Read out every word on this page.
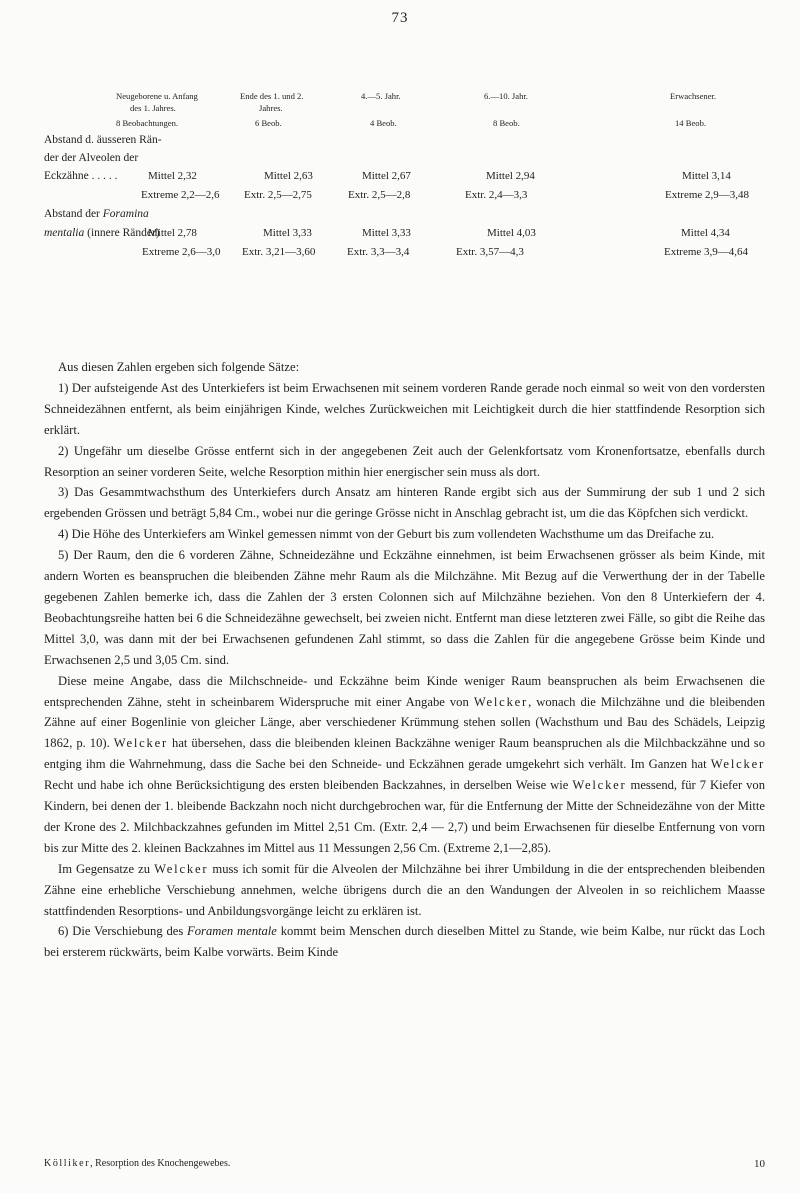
73
Neugeborene u. Anfang	Ende des 1. und 2.	4.—5. Jahr.	6.—10. Jahr.	Erwachsener.
des 1. Jahres.	Jahres.
8 Beobachtungen.	6 Beob.	4 Beob.	8 Beob.	14 Beob.
Abstand d. äusseren Rän-
der der Alveolen der
Eckzähne . . . . .	Mittel 2,32	Mittel 2,63	Mittel 2,67	Mittel 2,94	Mittel 3,14
Extreme 2,2—2,6 Extr. 2,5—2,75	Extr. 2,5—2,8	Extr. 2,4—3,3	Extreme 2,9—3,48
Abstand der Foramina
mentalia (innere Ränder)
Mittel 2,78	Mittel 3,33	Mittel 3,33	Mittel 4,03	Mittel 4,34
Extreme 2,6—3,0 Extr. 3,21—3,60	Extr. 3,3—3,4	Extr. 3,57—4,3	Extreme 3,9—4,64

Aus diesen Zahlen ergeben sich folgende Sätze:

1) Der aufsteigende Ast des Unterkiefers ist beim Erwachsenen mit seinem vorderen Rande gerade noch einmal so weit von den vordersten Schneidezähnen entfernt, als beim einjährigen Kinde, welches Zurückweichen mit Leichtigkeit durch die hier stattfindende Resorption sich erklärt.

2) Ungefähr um dieselbe Grösse entfernt sich in der angegebenen Zeit auch der Gelenkfortsatz vom Kronenfortsatze, ebenfalls durch Resorption an seiner vorderen Seite, welche Resorption mithin hier energischer sein muss als dort.

3) Das Gesammtwachsthum des Unterkiefers durch Ansatz am hinteren Rande ergibt sich aus der Summirung der sub 1 und 2 sich ergebenden Grössen und beträgt 5,84 Cm., wobei nur die geringe Grösse nicht in Anschlag gebracht ist, um die das Köpfchen sich verdickt.

4) Die Höhe des Unterkiefers am Winkel gemessen nimmt von der Geburt bis zum vollendeten Wachsthume um das Dreifache zu.

5) Der Raum, den die 6 vorderen Zähne, Schneidezähne und Eckzähne einnehmen, ist beim Erwachsenen grösser als beim Kinde, mit andern Worten es beanspruchen die bleibenden Zähne mehr Raum als die Milchzähne. Mit Bezug auf die Verwerthung der in der Tabelle gegebenen Zahlen bemerke ich, dass die Zahlen der 3 ersten Colonnen sich auf Milchzähne beziehen. Von den 8 Unterkiefern der 4. Beobachtungsreihe hatten bei 6 die Schneidezähne gewechselt, bei zweien nicht. Entfernt man diese letzteren zwei Fälle, so gibt die Reihe das Mittel 3,0, was dann mit der bei Erwachsenen gefundenen Zahl stimmt, so dass die Zahlen für die angegebene Grösse beim Kinde und Erwachsenen 2,5 und 3,05 Cm. sind.

Diese meine Angabe, dass die Milchschneide- und Eckzähne beim Kinde weniger Raum beanspruchen als beim Erwachsenen die entsprechenden Zähne, steht in scheinbarem Widerspruche mit einer Angabe von Welcker, wonach die Milchzähne und die bleibenden Zähne auf einer Bogenlinie von gleicher Länge, aber verschiedener Krümmung stehen sollen (Wachsthum und Bau des Schädels, Leipzig 1862, p. 10). Welcker hat übersehen, dass die bleibenden kleinen Backzähne weniger Raum beanspruchen als die Milchbackzähne und so entging ihm die Wahrnehmung, dass die Sache bei den Schneide- und Eckzähnen gerade umgekehrt sich verhält. Im Ganzen hat Welcker Recht und habe ich ohne Berücksichtigung des ersten bleibenden Backzahnes, in derselben Weise wie Welcker messend, für 7 Kiefer von Kindern, bei denen der 1. bleibende Backzahn noch nicht durchgebrochen war, für die Entfernung der Mitte der Schneidezähne von der Mitte der Krone des 2. Milchbackzahnes gefunden im Mittel 2,51 Cm. (Extr. 2,4 — 2,7) und beim Erwachsenen für dieselbe Entfernung von vorn bis zur Mitte des 2. kleinen Backzahnes im Mittel aus 11 Messungen 2,56 Cm. (Extreme 2,1—2,85).

Im Gegensatze zu Welcker muss ich somit für die Alveolen der Milchzähne bei ihrer Umbildung in die der entsprechenden bleibenden Zähne eine erhebliche Verschiebung annehmen, welche übrigens durch die an den Wandungen der Alveolen in so reichlichem Maasse stattfindenden Resorptions- und Anbildungsvorgänge leicht zu erklären ist.

6) Die Verschiebung des Foramen mentale kommt beim Menschen durch dieselben Mittel zu Stande, wie beim Kalbe, nur rückt das Loch bei ersterem rückwärts, beim Kalbe vorwärts. Beim Kinde

Kölliker, Resorption des Knochengewebes.	10
